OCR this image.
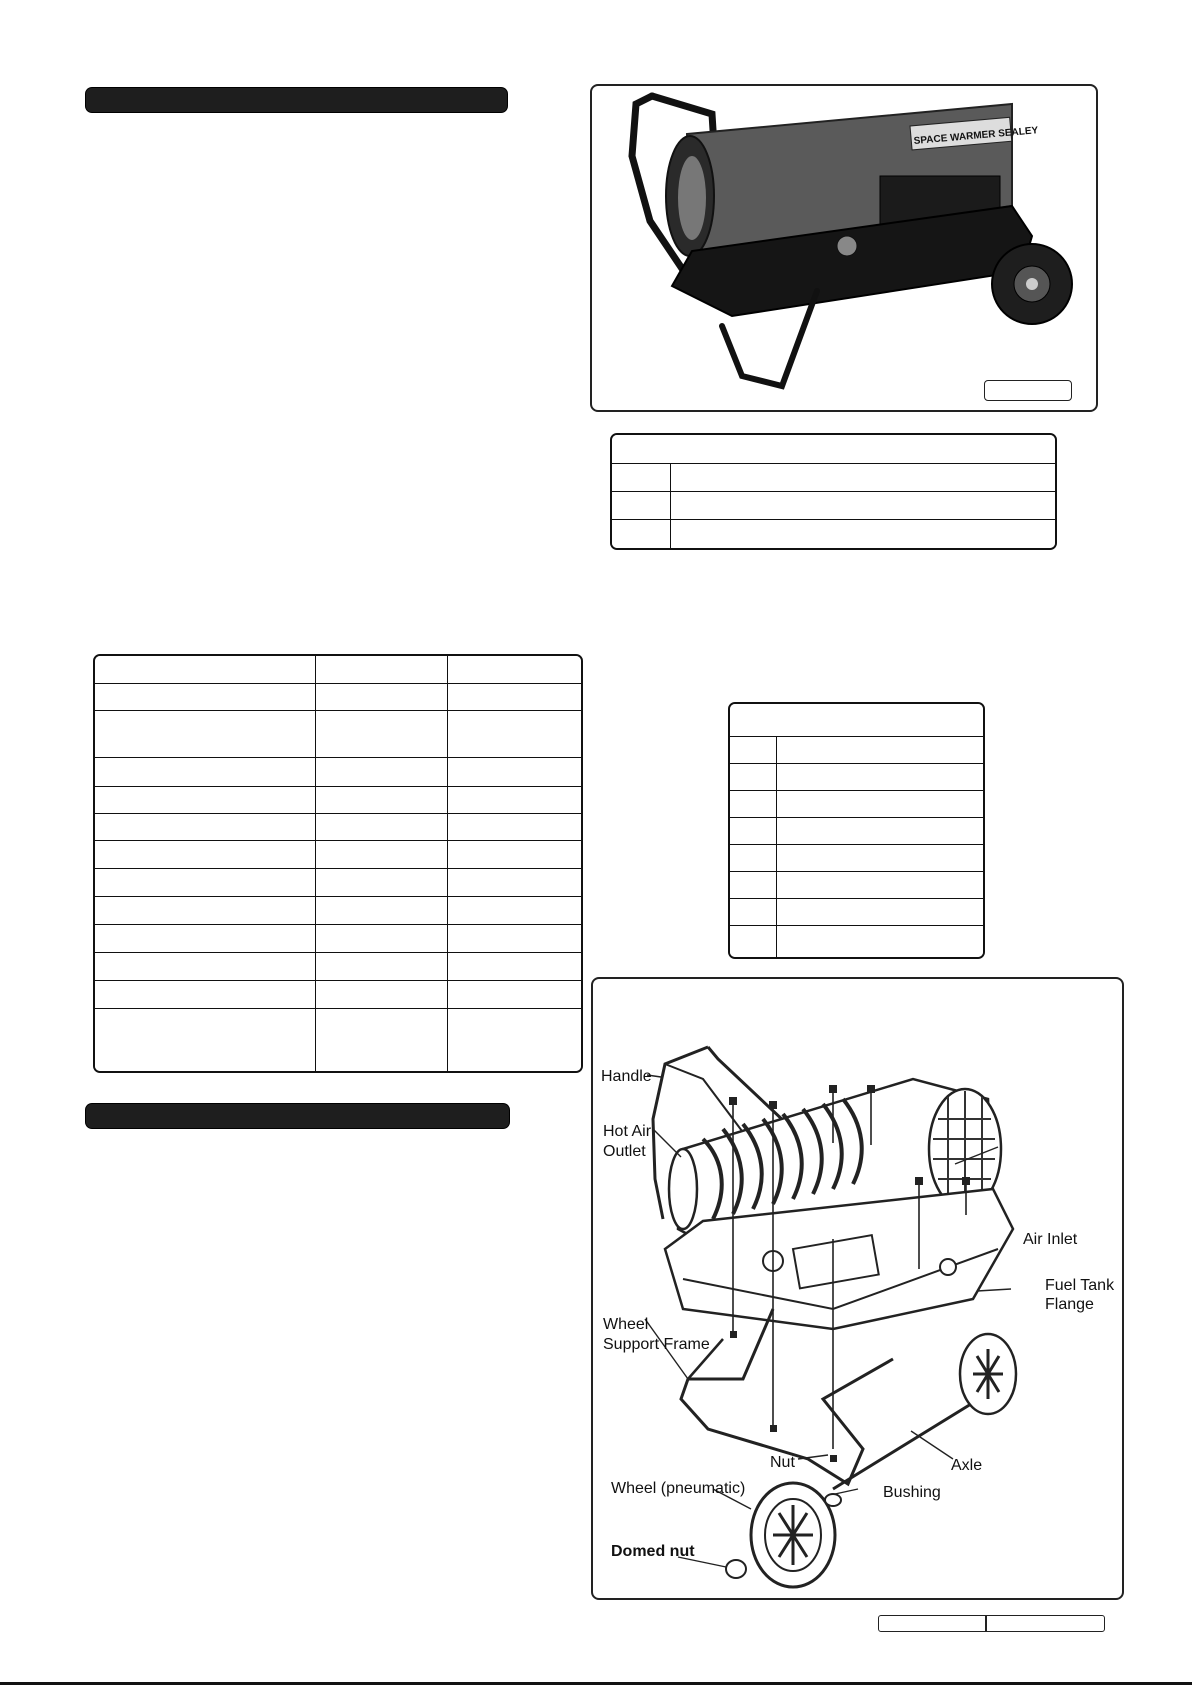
SPACE WARMER SEALEY

Handle
Hot Air
Outlet
Air Inlet
Fuel Tank
Flange
Wheel
Support Frame
Nut	Axle
Wheel (pneumatic)	Bushing
Domed nut
